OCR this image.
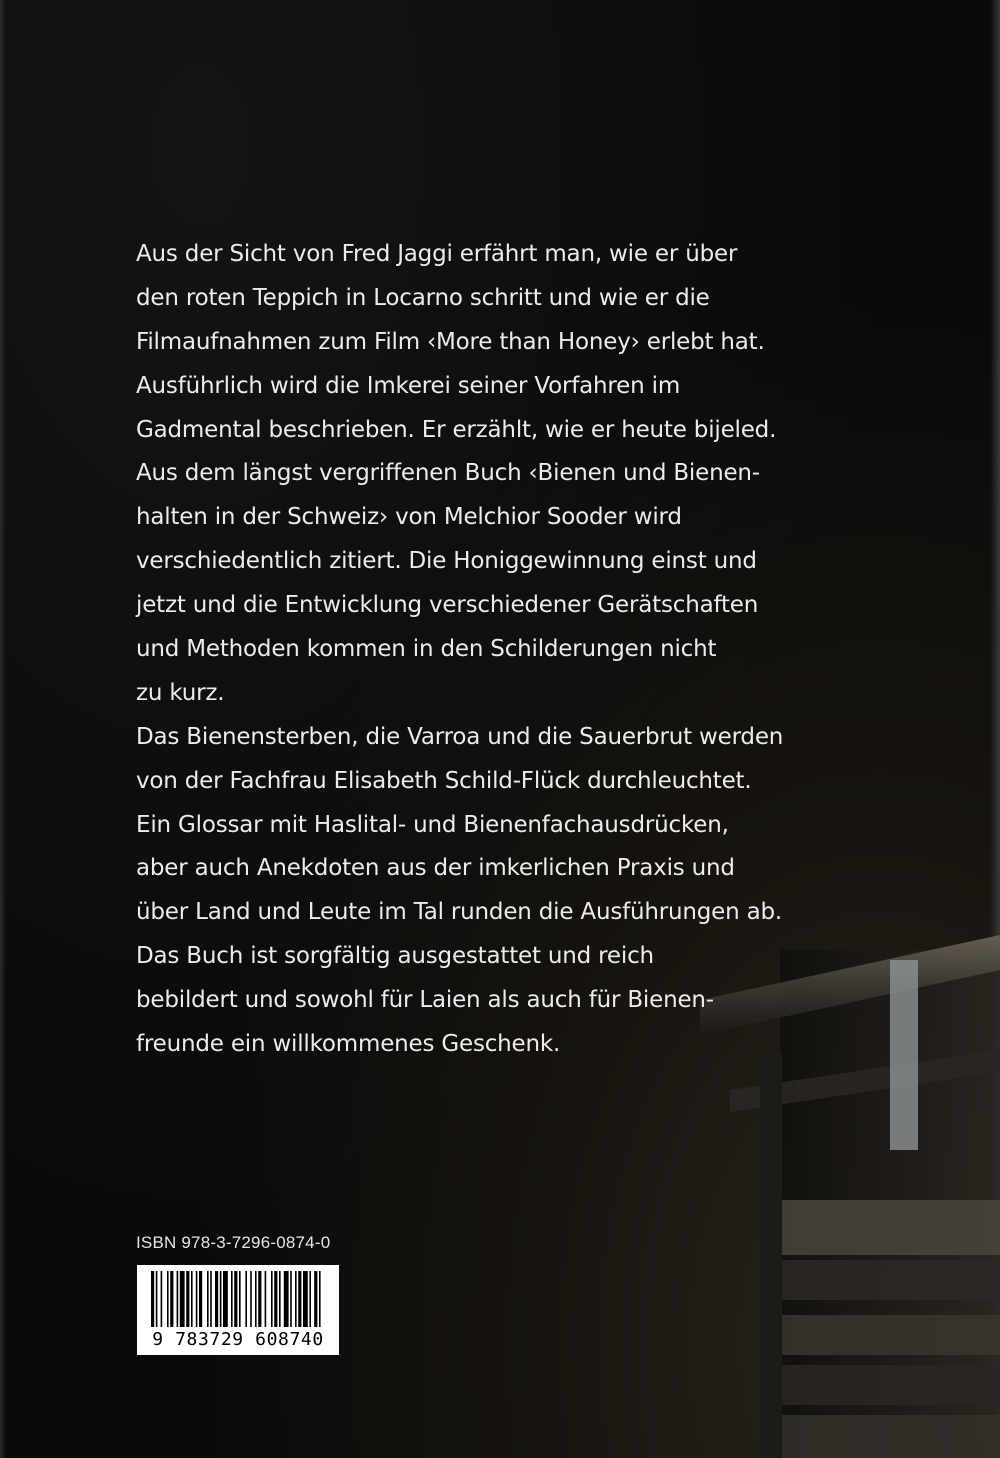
Aus der Sicht von Fred Jaggi erfährt man, wie er über
den roten Teppich in Locarno schritt und wie er die
Filmaufnahmen zum Film ‹More than Honey› erlebt hat.
Ausführlich wird die Imkerei seiner Vorfahren im
Gadmental beschrieben. Er erzählt, wie er heute bijeled.
Aus dem längst vergriffenen Buch ‹Bienen und Bienen-
halten in der Schweiz› von Melchior Sooder wird
verschiedentlich zitiert. Die Honiggewinnung einst und
jetzt und die Entwicklung verschiedener Gerätschaften
und Methoden kommen in den Schilderungen nicht
zu kurz.
Das Bienensterben, die Varroa und die Sauerbrut werden
von der Fachfrau Elisabeth Schild-Flück durchleuchtet.
Ein Glossar mit Haslital- und Bienenfachausdrücken,
aber auch Anekdoten aus der imkerlichen Praxis und
über Land und Leute im Tal runden die Ausführungen ab.
Das Buch ist sorgfältig ausgestattet und reich
bebildert und sowohl für Laien als auch für Bienen-
freunde ein willkommenes Geschenk.
ISBN 978-3-7296-0874-0
9 783729 608740
